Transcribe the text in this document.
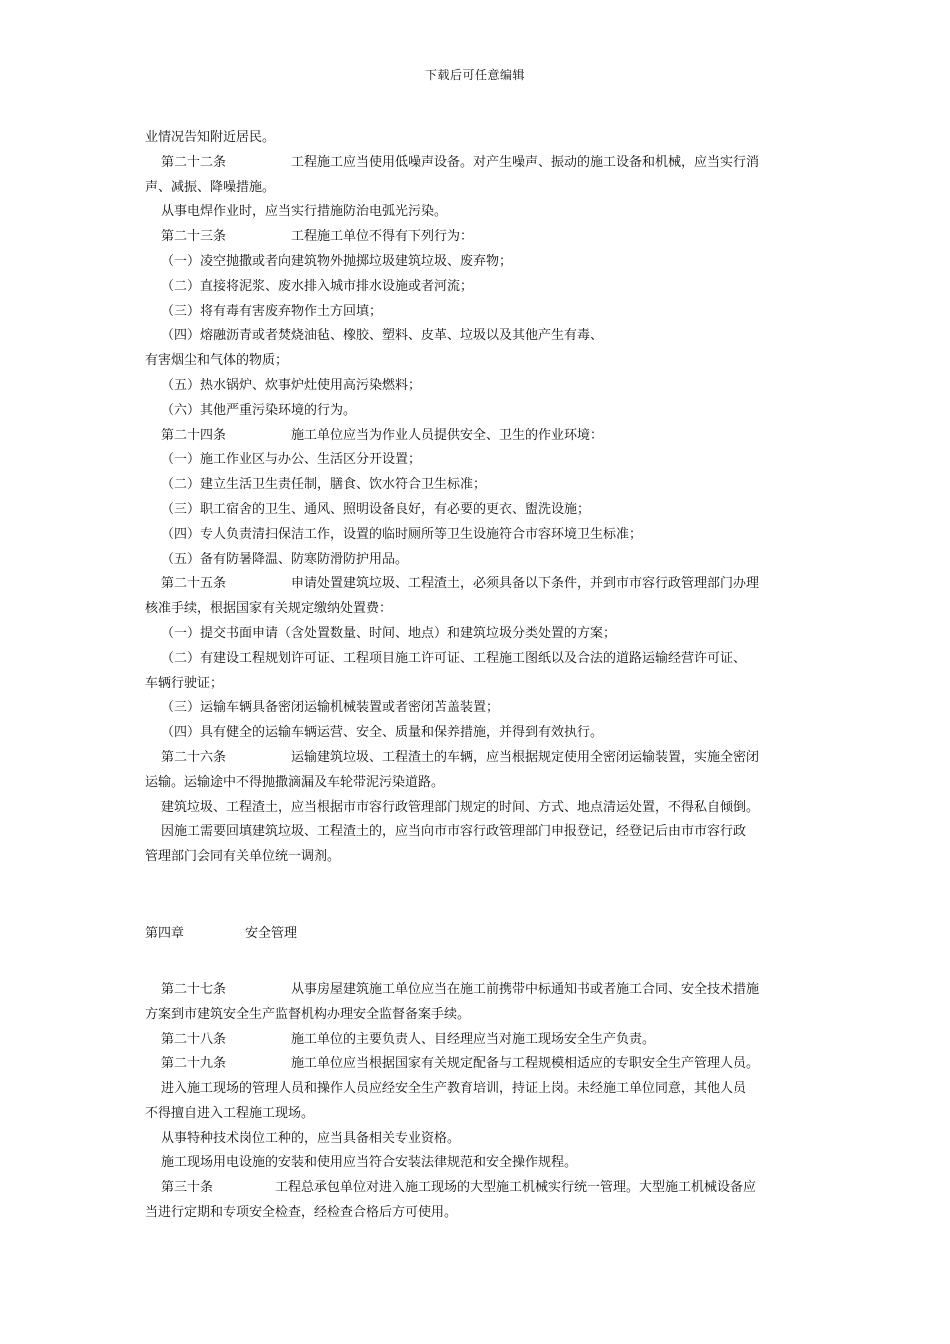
下载后可任意编辑
业情况告知附近居民。
第二十二条	工程施工应当使用低噪声设备。对产生噪声、振动的施工设备和机械，应当实行消
声、减振、降噪措施。
从事电焊作业时，应当实行措施防治电弧光污染。
第二十三条	工程施工单位不得有下列行为：
（一）凌空抛撒或者向建筑物外抛掷垃圾建筑垃圾、废弃物；
（二）直接将泥浆、废水排入城市排水设施或者河流；
（三）将有毒有害废弃物作土方回填；
（四）熔融沥青或者焚烧油毡、橡胶、塑料、皮革、垃圾以及其他产生有毒、
有害烟尘和气体的物质；
（五）热水锅炉、炊事炉灶使用高污染燃料；
（六）其他严重污染环境的行为。
第二十四条	施工单位应当为作业人员提供安全、卫生的作业环境：
（一）施工作业区与办公、生活区分开设置；
（二）建立生活卫生责任制，膳食、饮水符合卫生标准；
（三）职工宿舍的卫生、通风、照明设备良好，有必要的更衣、盥洗设施；
（四）专人负责清扫保洁工作，设置的临时厕所等卫生设施符合市容环境卫生标准；
（五）备有防暑降温、防寒防滑防护用品。
第二十五条	申请处置建筑垃圾、工程渣土，必须具备以下条件，并到市市容行政管理部门办理
核准手续，根据国家有关规定缴纳处置费：
（一）提交书面申请（含处置数量、时间、地点）和建筑垃圾分类处置的方案；
（二）有建设工程规划许可证、工程项目施工许可证、工程施工图纸以及合法的道路运输经营许可证、
车辆行驶证；
（三）运输车辆具备密闭运输机械装置或者密闭苫盖装置；
（四）具有健全的运输车辆运营、安全、质量和保养措施，并得到有效执行。
第二十六条	运输建筑垃圾、工程渣土的车辆，应当根据规定使用全密闭运输装置，实施全密闭
运输。运输途中不得抛撒滴漏及车轮带泥污染道路。
建筑垃圾、工程渣土，应当根据市市容行政管理部门规定的时间、方式、地点清运处置，不得私自倾倒。
因施工需要回填建筑垃圾、工程渣土的，应当向市市容行政管理部门申报登记，经登记后由市市容行政
管理部门会同有关单位统一调剂。
第四章	安全管理
第二十七条	从事房屋建筑施工单位应当在施工前携带中标通知书或者施工合同、安全技术措施
方案到市建筑安全生产监督机构办理安全监督备案手续。
第二十八条	施工单位的主要负责人、目经理应当对施工现场安全生产负责。
第二十九条	施工单位应当根据国家有关规定配备与工程规模相适应的专职安全生产管理人员。
进入施工现场的管理人员和操作人员应经安全生产教育培训，持证上岗。未经施工单位同意，其他人员
不得擅自进入工程施工现场。
从事特种技术岗位工种的，应当具备相关专业资格。
施工现场用电设施的安装和使用应当符合安装法律规范和安全操作规程。
第三十条	工程总承包单位对进入施工现场的大型施工机械实行统一管理。大型施工机械设备应
当进行定期和专项安全检查，经检查合格后方可使用。
